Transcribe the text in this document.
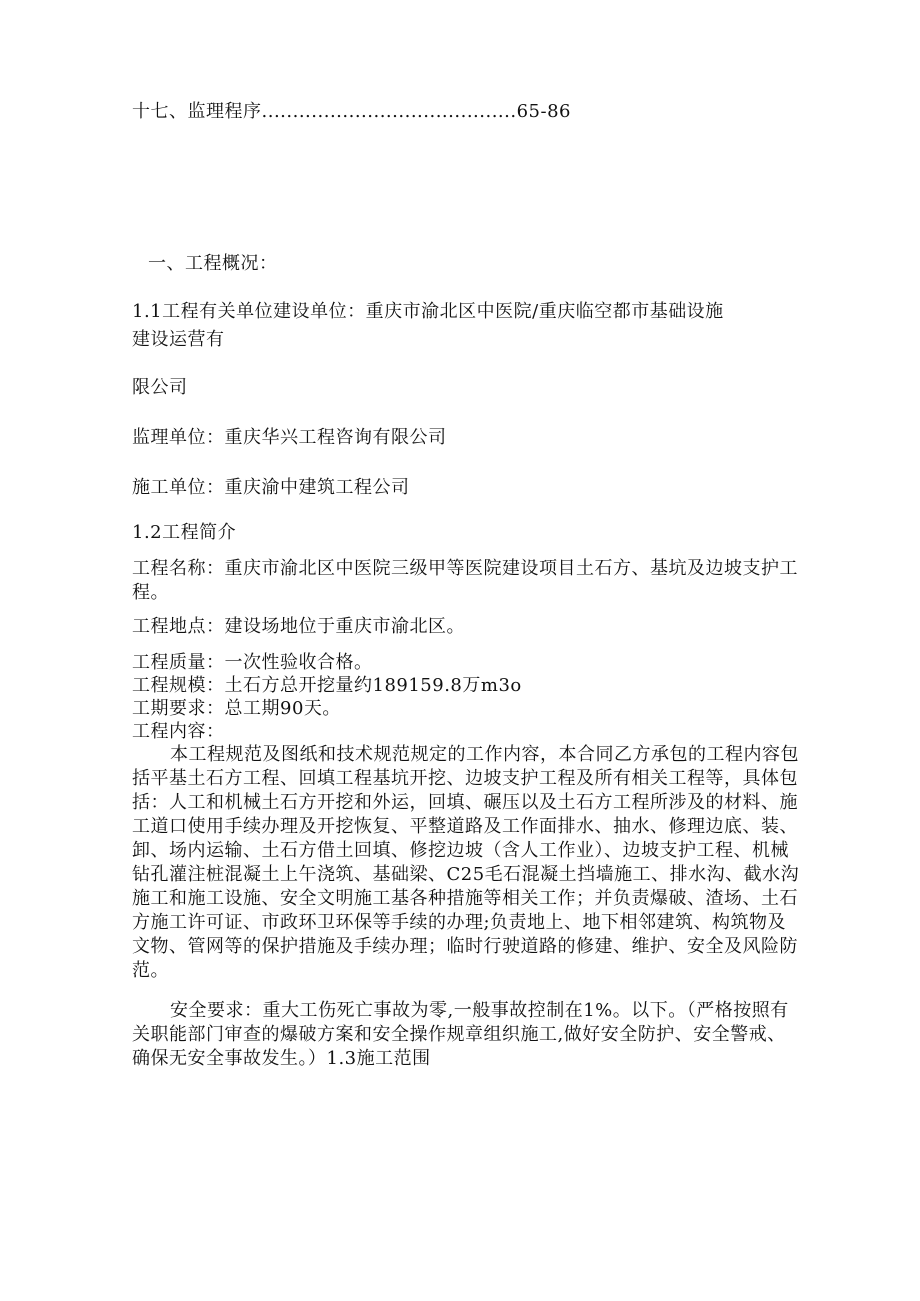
十七、监理程序.........................................65-86
一、工程概况：
1.1工程有关单位建设单位：重庆市渝北区中医院/重庆临空都市基础设施
建设运营有
限公司
监理单位：重庆华兴工程咨询有限公司
施工单位：重庆渝中建筑工程公司
1.2工程简介
工程名称：重庆市渝北区中医院三级甲等医院建设项目土石方、基坑及边坡支护工程。
工程地点：建设场地位于重庆市渝北区。
工程质量：一次性验收合格。
工程规模：土石方总开挖量约189159.8万m3o
工期要求：总工期90天。
工程内容：
本工程规范及图纸和技术规范规定的工作内容，本合同乙方承包的工程内容包括平基土石方工程、回填工程基坑开挖、边坡支护工程及所有相关工程等，具体包括：人工和机械土石方开挖和外运，回填、碾压以及土石方工程所涉及的材料、施工道口使用手续办理及开挖恢复、平整道路及工作面排水、抽水、修理边底、装、卸、场内运输、土石方借土回填、修挖边坡（含人工作业）、边坡支护工程、机械钻孔灌注桩混凝土上午浇筑、基础梁、C25毛石混凝土挡墙施工、排水沟、截水沟施工和施工设施、安全文明施工基各种措施等相关工作；并负责爆破、渣场、土石方施工许可证、市政环卫环保等手续的办理;负责地上、地下相邻建筑、构筑物及文物、管网等的保护措施及手续办理；临时行驶道路的修建、维护、安全及风险防范。
安全要求：重大工伤死亡事故为零,一般事故控制在1%。以下。（严格按照有关职能部门审查的爆破方案和安全操作规章组织施工,做好安全防护、安全警戒、确保无安全事故发生。）1.3施工范围
